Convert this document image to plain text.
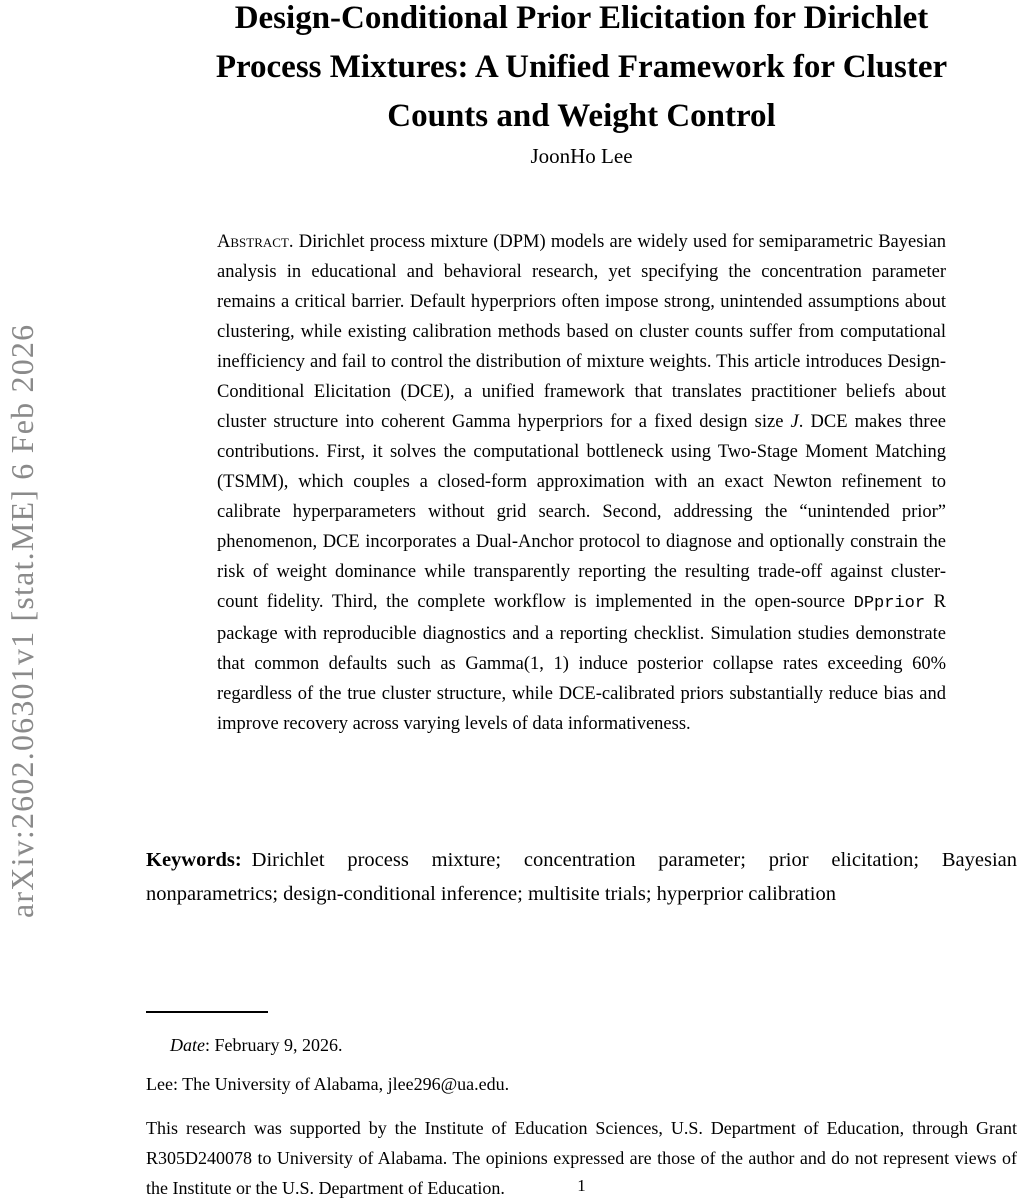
arXiv:2602.06301v1 [stat.ME] 6 Feb 2026
Design-Conditional Prior Elicitation for Dirichlet
Process Mixtures: A Unified Framework for Cluster
Counts and Weight Control
JoonHo Lee

Abstract. Dirichlet process mixture (DPM) models are widely used for semiparametric Bayesian analysis in educational and behavioral research, yet specifying the concentration parameter remains a critical barrier. Default hyperpriors often impose strong, unintended assumptions about clustering, while existing calibration methods based on cluster counts suffer from computational inefficiency and fail to control the distribution of mixture weights. This article introduces Design-Conditional Elicitation (DCE), a unified framework that translates practitioner beliefs about cluster structure into coherent Gamma hyperpriors for a fixed design size J. DCE makes three contributions. First, it solves the computational bottleneck using Two-Stage Moment Matching (TSMM), which couples a closed-form approximation with an exact Newton refinement to calibrate hyperparameters without grid search. Second, addressing the “unintended prior” phenomenon, DCE incorporates a Dual-Anchor protocol to diagnose and optionally constrain the risk of weight dominance while transparently reporting the resulting trade-off against cluster-count fidelity. Third, the complete workflow is implemented in the open-source DPprior R package with reproducible diagnostics and a reporting checklist. Simulation studies demonstrate that common defaults such as Gamma(1, 1) induce posterior collapse rates exceeding 60% regardless of the true cluster structure, while DCE-calibrated priors substantially reduce bias and improve recovery across varying levels of data informativeness.

Keywords: Dirichlet process mixture; concentration parameter; prior elicitation; Bayesian nonparametrics; design-conditional inference; multisite trials; hyperprior calibration

Date: February 9, 2026.

Lee: The University of Alabama, jlee296@ua.edu.

This research was supported by the Institute of Education Sciences, U.S. Department of Education, through Grant R305D240078 to University of Alabama. The opinions expressed are those of the author and do not represent views of the Institute or the U.S. Department of Education.	1
